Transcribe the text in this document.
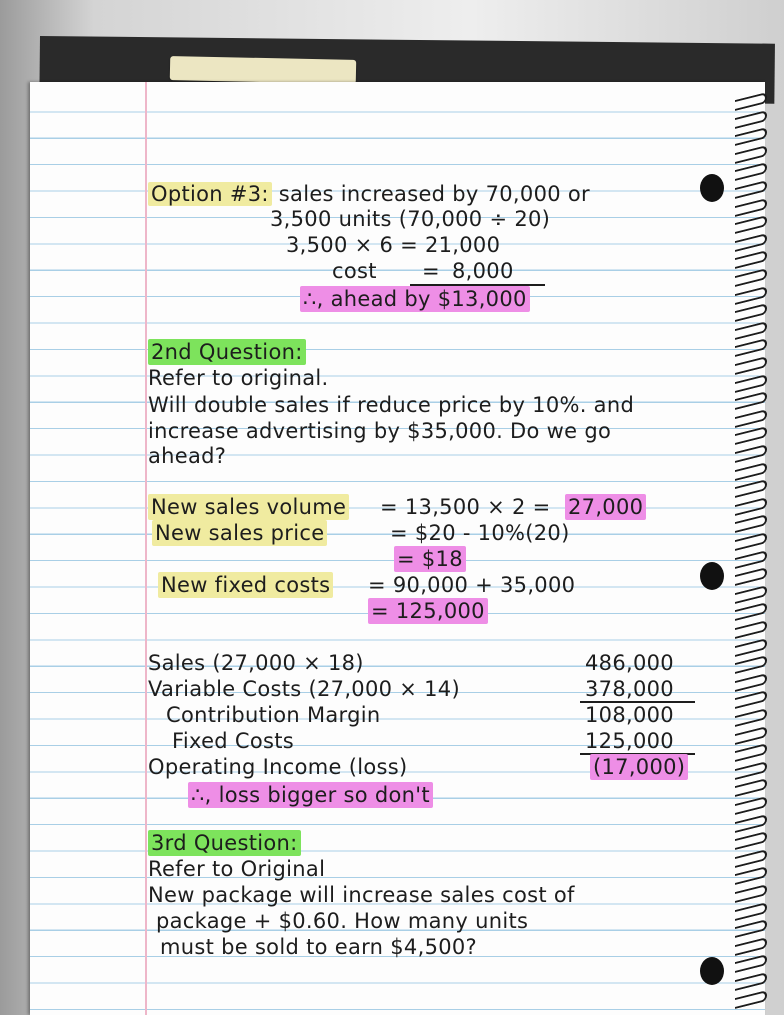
Option #3: sales increased by 70,000 or
3,500 units (70,000 ÷ 20)
3,500 × 6 = 21,000
cost = 8,000
∴, ahead by $13,000
2nd Question:
Refer to original.
Will double sales if reduce price by 10%. and
increase advertising by $35,000. Do we go
ahead?
New sales volume = 13,500 × 2 = 27,000
New sales price	= $20 - 10%(20)
= $18
New fixed costs = 90,000 + 35,000
= 125,000
Sales (27,000 × 18)	486,000
Variable Costs (27,000 × 14)	378,000
Contribution Margin	108,000
Fixed Costs	125,000
Operating Income (loss)	(17,000)
∴, loss bigger so don't
3rd Question:
Refer to Original
New package will increase sales cost of
package + $0.60. How many units
must be sold to earn $4,500?
